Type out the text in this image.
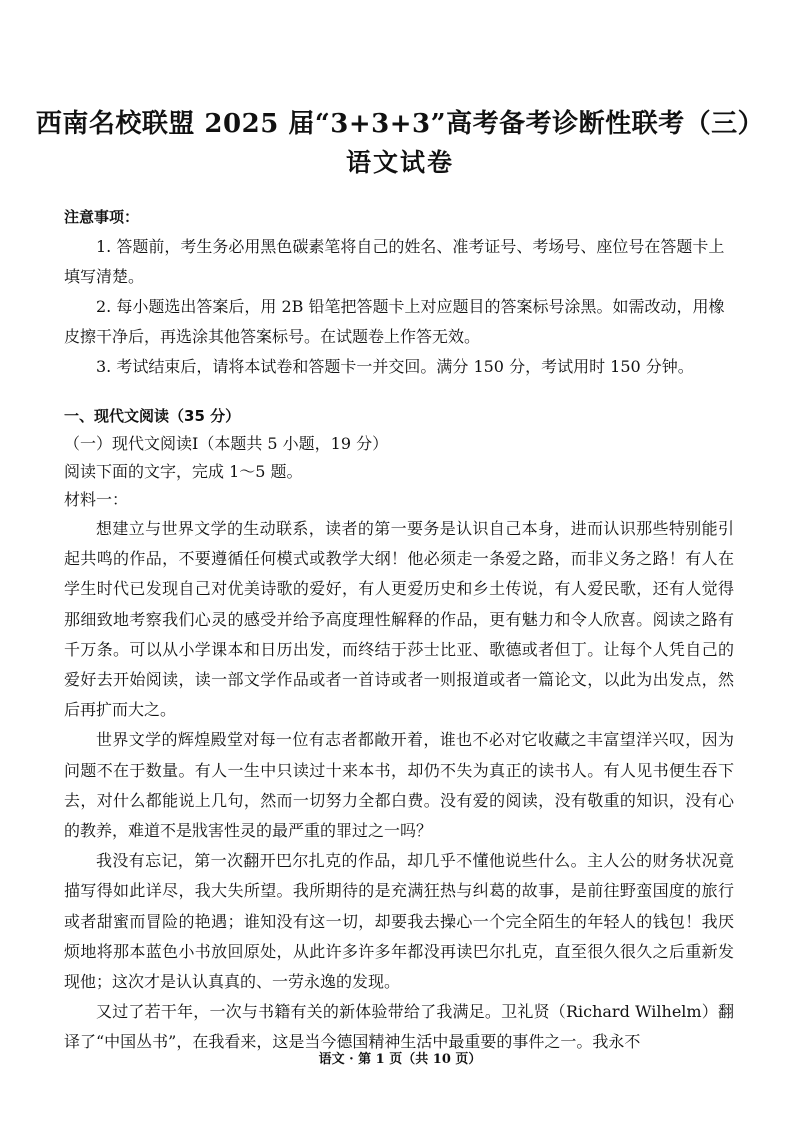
西南名校联盟 2025 届“3+3+3”高考备考诊断性联考（三）
语文试卷
注意事项：

1. 答题前，考生务必用黑色碳素笔将自己的姓名、准考证号、考场号、座位号在答题卡上填写清楚。

2. 每小题选出答案后，用 2B 铅笔把答题卡上对应题目的答案标号涂黑。如需改动，用橡皮擦干净后，再选涂其他答案标号。在试题卷上作答无效。

3. 考试结束后，请将本试卷和答题卡一并交回。满分 150 分，考试用时 150 分钟。

一、现代文阅读（35 分）
（一）现代文阅读Ⅰ（本题共 5 小题，19 分）
阅读下面的文字，完成 1～5 题。
材料一：

想建立与世界文学的生动联系，读者的第一要务是认识自己本身，进而认识那些特别能引起共鸣的作品，不要遵循任何模式或教学大纲！他必须走一条爱之路，而非义务之路！有人在学生时代已发现自己对优美诗歌的爱好，有人更爱历史和乡土传说，有人爱民歌，还有人觉得那细致地考察我们心灵的感受并给予高度理性解释的作品，更有魅力和令人欣喜。阅读之路有千万条。可以从小学课本和日历出发，而终结于莎士比亚、歌德或者但丁。让每个人凭自己的爱好去开始阅读，读一部文学作品或者一首诗或者一则报道或者一篇论文，以此为出发点，然后再扩而大之。

世界文学的辉煌殿堂对每一位有志者都敞开着，谁也不必对它收藏之丰富望洋兴叹，因为问题不在于数量。有人一生中只读过十来本书，却仍不失为真正的读书人。有人见书便生吞下去，对什么都能说上几句，然而一切努力全都白费。没有爱的阅读，没有敬重的知识，没有心的教养，难道不是戕害性灵的最严重的罪过之一吗？

我没有忘记，第一次翻开巴尔扎克的作品，却几乎不懂他说些什么。主人公的财务状况竟描写得如此详尽，我大失所望。我所期待的是充满狂热与纠葛的故事，是前往野蛮国度的旅行或者甜蜜而冒险的艳遇；谁知没有这一切，却要我去操心一个完全陌生的年轻人的钱包！我厌烦地将那本蓝色小书放回原处，从此许多许多年都没再读巴尔扎克，直至很久很久之后重新发现他；这次才是认认真真的、一劳永逸的发现。

又过了若干年，一次与书籍有关的新体验带给了我满足。卫礼贤（Richard Wilhelm）翻译了“中国丛书”，在我看来，这是当今德国精神生活中最重要的事件之一。我永不

语文 · 第 1 页（共 10 页）
